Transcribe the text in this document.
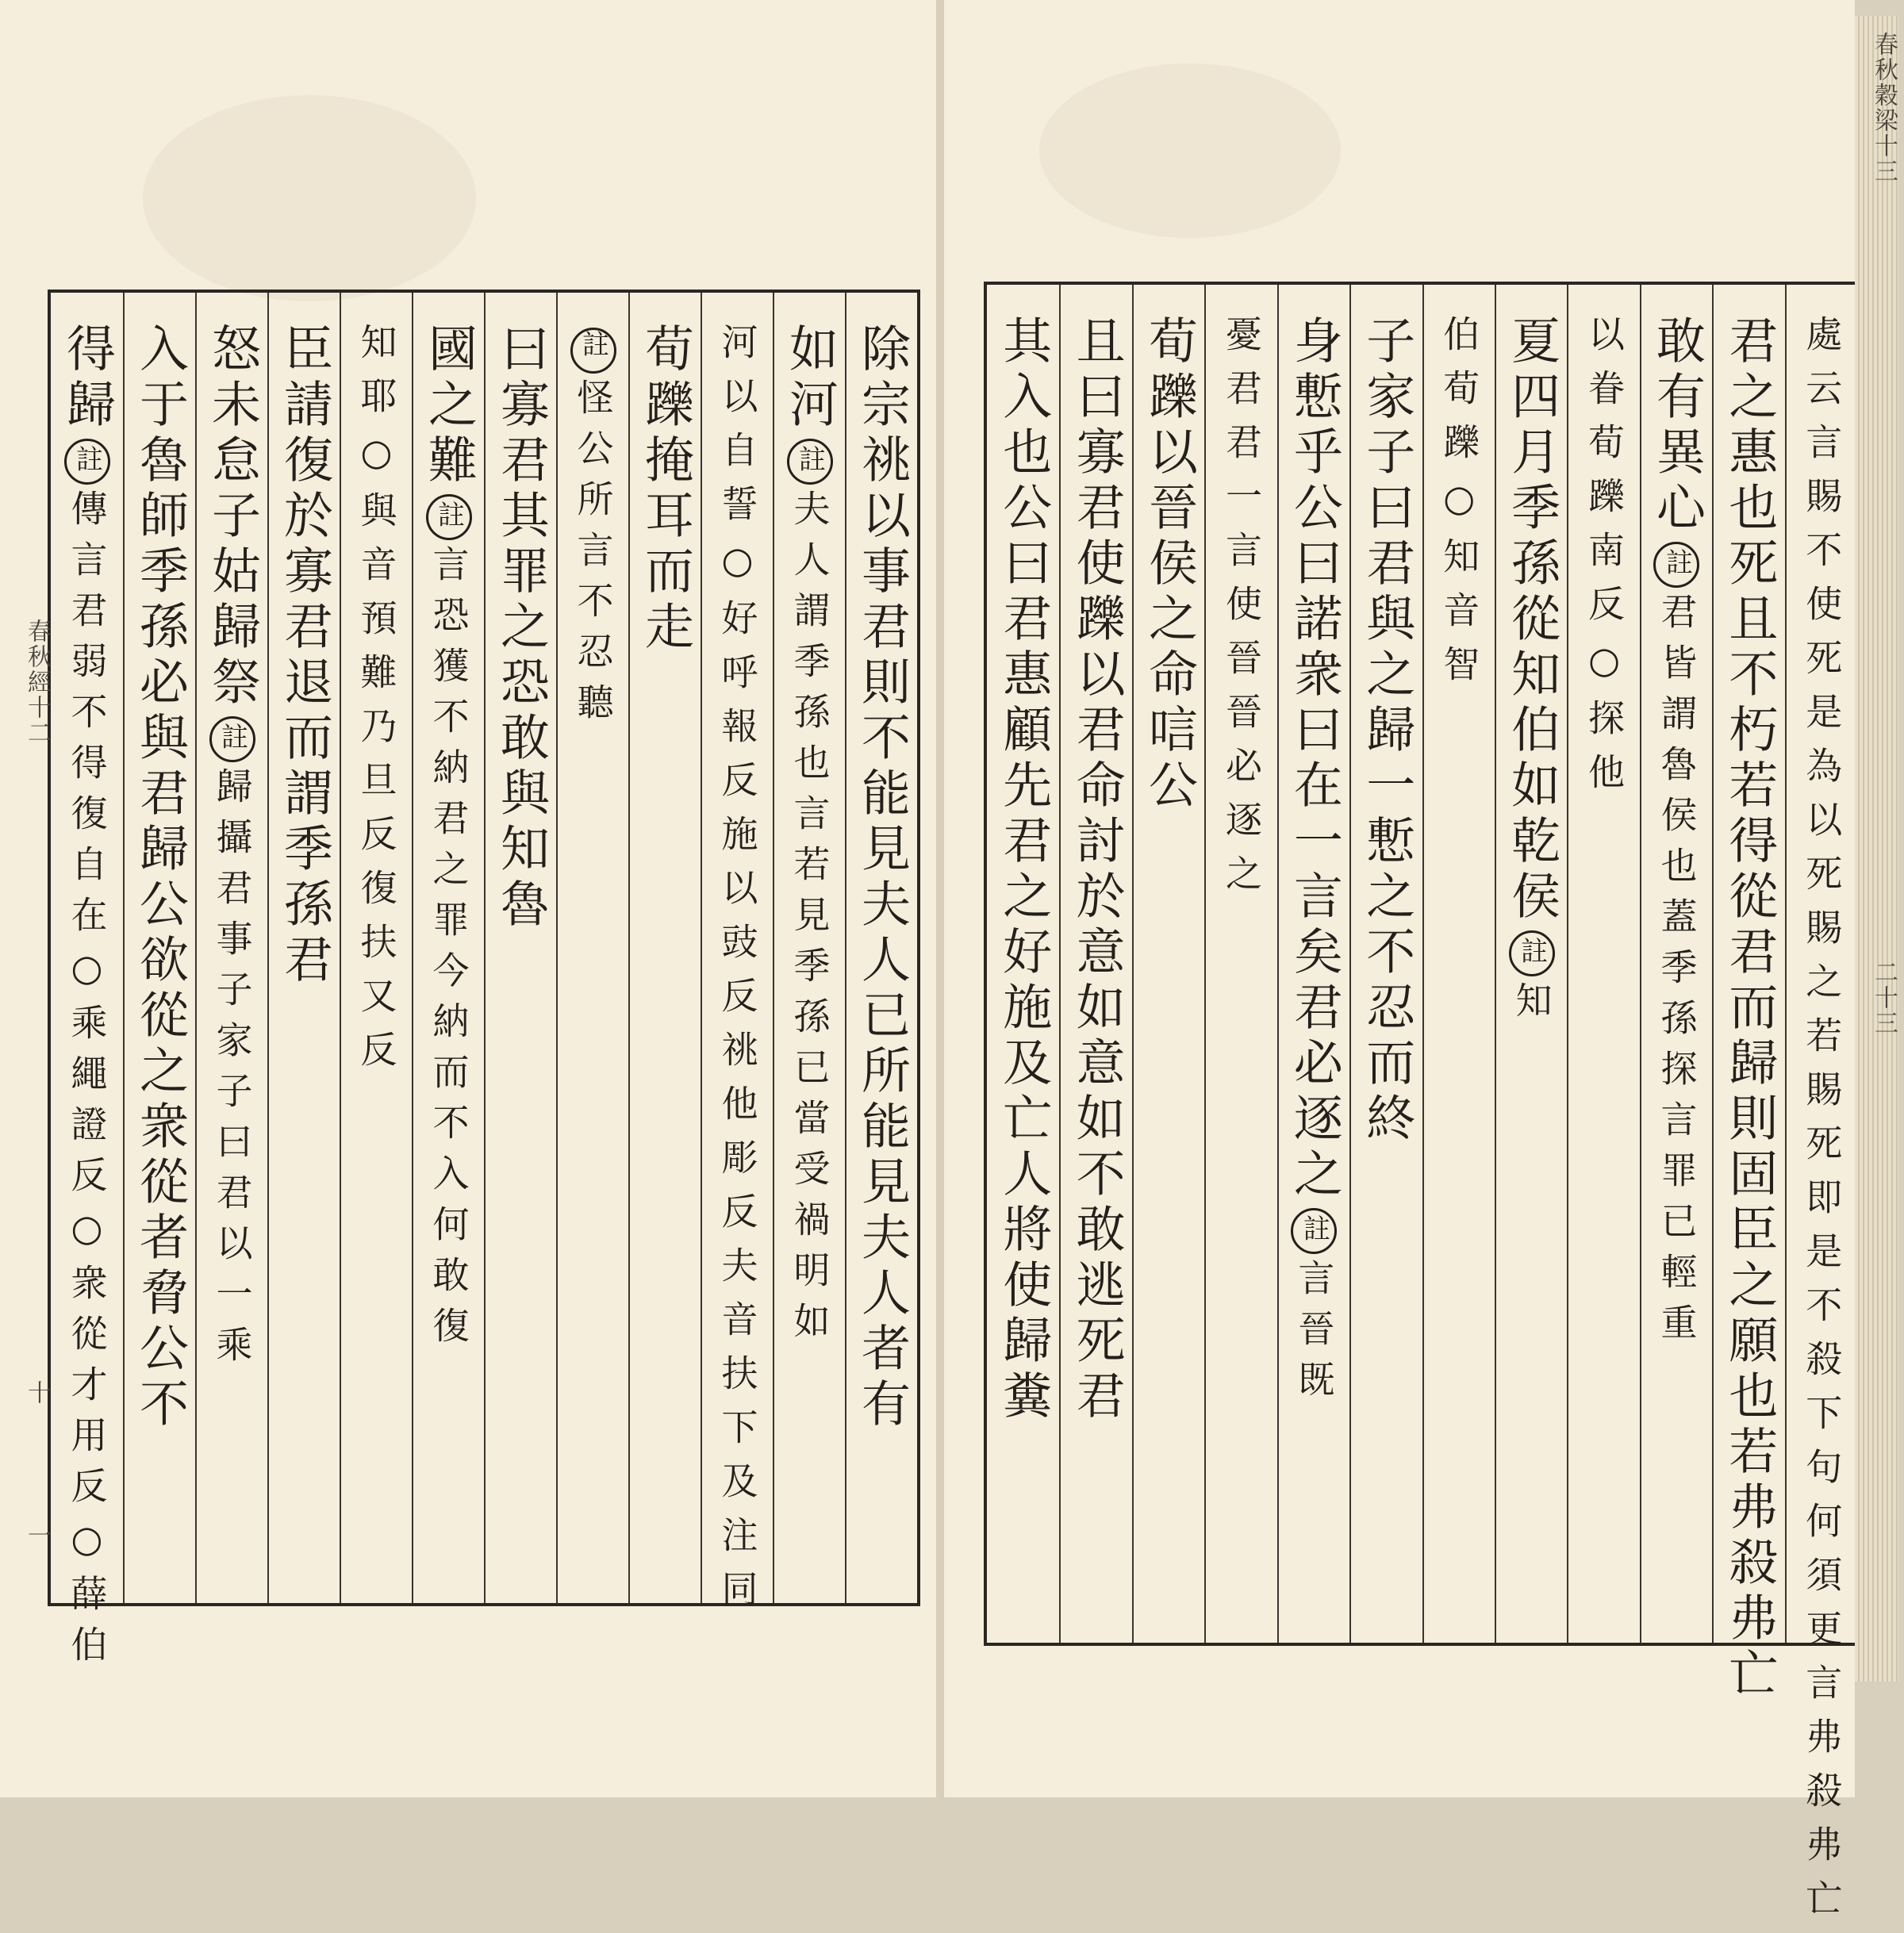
除宗祧以事君則不能見夫人已所能見夫人者有
如河註夫人謂季孫也言若見季孫已當受禍明如
河以自誓○好呼報反施以豉反祧他彫反夫音扶下及注同
荀躒掩耳而走
註怪公所言不忍聽
曰寡君其罪之恐敢與知魯
國之難註言恐獲不納君之罪今納而不入何敢復
知耶○與音預難乃旦反復扶又反
臣請復於寡君退而謂季孫君
怒未怠子姑歸祭註歸攝君事子家子曰君以一乘
入于魯師季孫必與君歸公欲從之衆從者脅公不
得歸註傳言君弱不得復自在○乘繩證反○衆從才用反○薛伯
春秋經十二
十
一	處云言賜不使死是為以死賜之若賜死即是不殺下句何須更言弗殺弗亡
君之惠也死且不朽若得從君而歸則固臣之願也若弗殺弗亡
敢有異心註君皆謂魯侯也蓋季孫探言罪已輕重
以眷荀躒南反○探他
夏四月季孫從知伯如乾侯註知
伯荀躒○知音智
子家子曰君與之歸一慙之不忍而終
身慙乎公曰諾衆曰在一言矣君必逐之註言晉既
憂君君一言使晉晉必逐之
荀躒以晉侯之命唁公
且曰寡君使躒以君命討於意如意如不敢逃死君
其入也公曰君惠顧先君之好施及亡人將使歸糞
春秋穀梁十三
二十三
